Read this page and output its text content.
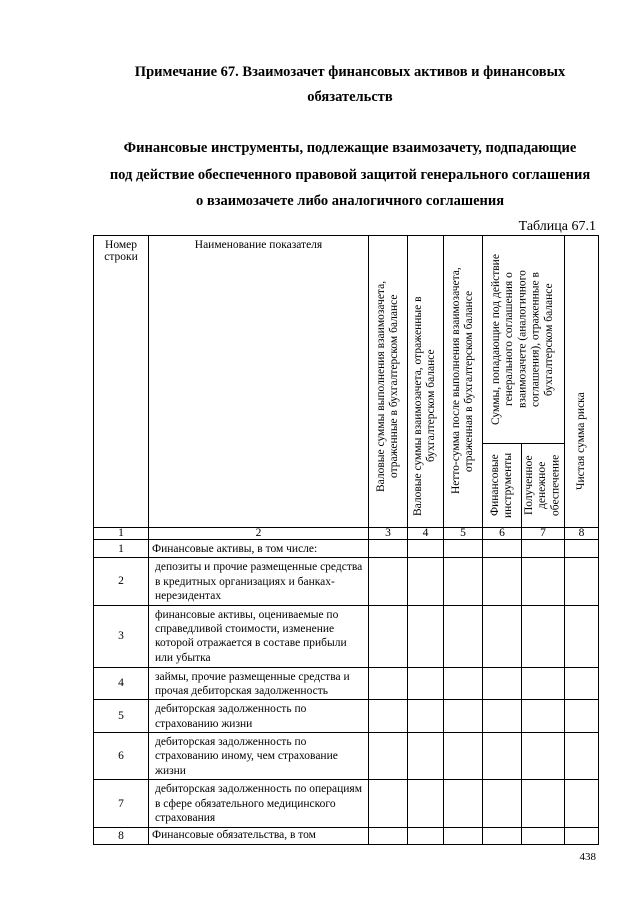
Примечание 67. Взаимозачет финансовых активов и финансовых
обязательств
Финансовые инструменты, подлежащие взаимозачету, подпадающие
под действие обеспеченного правовой защитой генерального соглашения
о взаимозачете либо аналогичного соглашения
Таблица 67.1
Номер строки	Наименование показателя	Валовые суммы выполнения взаимозачета, отраженные в бухгалтерском балансе	Валовые суммы взаимозачета, отраженные в бухгалтерском балансе	Нетто-сумма после выполнения взаимозачета, отраженная в бухгалтерском балансе	Суммы, попадающие под действие генерального соглашения о взаимозачете (аналогичного соглашения), отраженные в бухгалтерском балансе		Чистая сумма риска

					Финансовые инструменты	Полученное денежное обеспечение	

1	2	3	4	5	6	7	8
1	Финансовые активы, в том числе:						
2	депозиты и прочие размещенные средства в кредитных организациях и банках-нерезидентах						
3	финансовые активы, оцениваемые по справедливой стоимости, изменение которой отражается в составе прибыли или убытка						
4	займы, прочие размещенные средства и прочая дебиторская задолженность						
5	дебиторская задолженность по страхованию жизни						
6	дебиторская задолженность по страхованию иному, чем страхование жизни						
7	дебиторская задолженность по операциям в сфере обязательного медицинского страхования						
8	Финансовые обязательства, в том						
438
